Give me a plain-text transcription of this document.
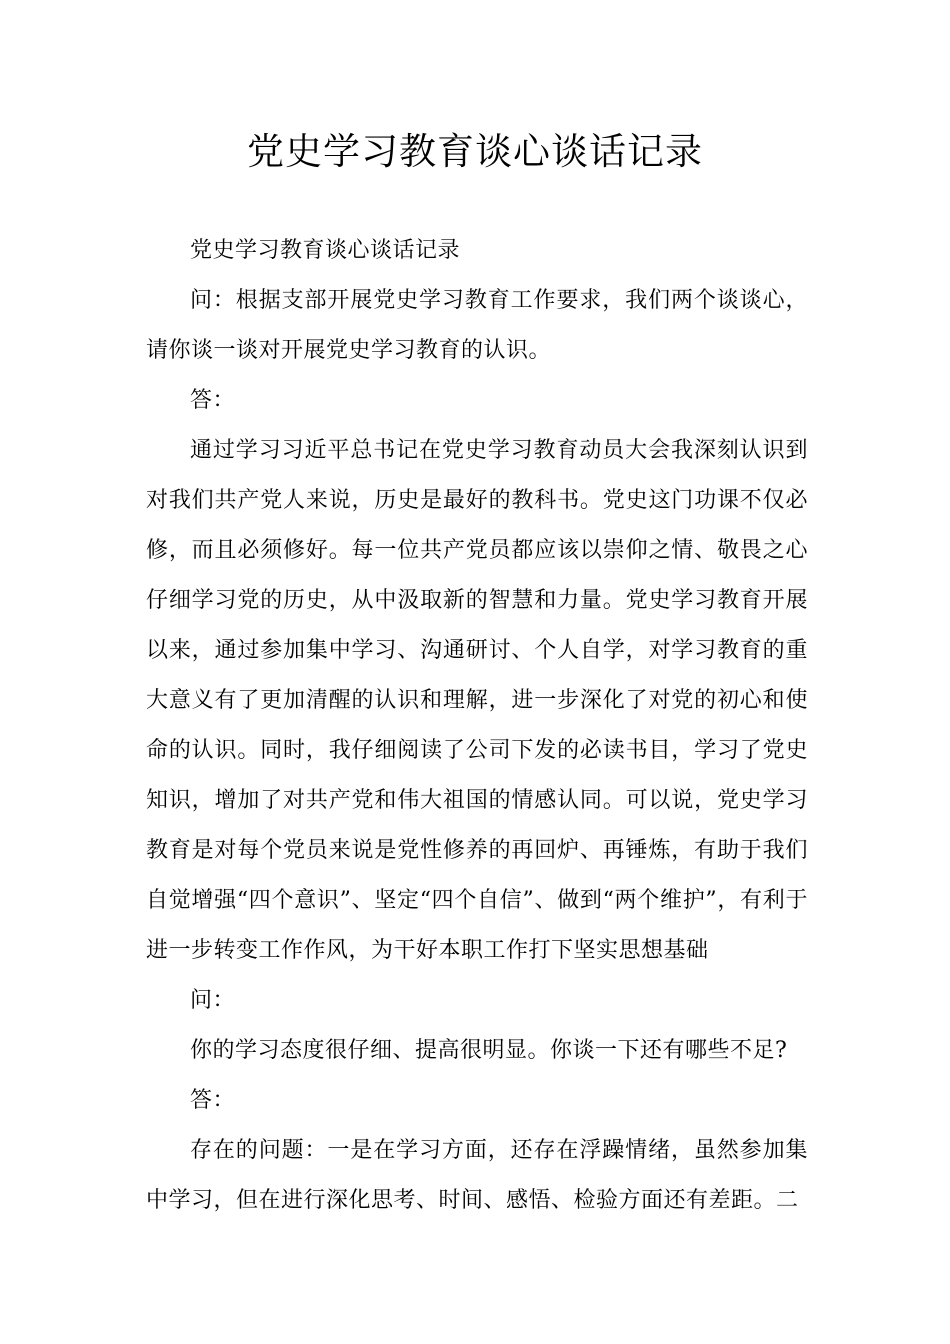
党史学习教育谈心谈话记录

党史学习教育谈心谈话记录

问：根据支部开展党史学习教育工作要求，我们两个谈谈心，请你谈一谈对开展党史学习教育的认识。

答：

通过学习习近平总书记在党史学习教育动员大会我深刻认识到对我们共产党人来说，历史是最好的教科书。党史这门功课不仅必修，而且必须修好。每一位共产党员都应该以崇仰之情、敬畏之心仔细学习党的历史，从中汲取新的智慧和力量。党史学习教育开展以来，通过参加集中学习、沟通研讨、个人自学，对学习教育的重大意义有了更加清醒的认识和理解，进一步深化了对党的初心和使命的认识。同时，我仔细阅读了公司下发的必读书目，学习了党史知识，增加了对共产党和伟大祖国的情感认同。可以说，党史学习教育是对每个党员来说是党性修养的再回炉、再锤炼，有助于我们自觉增强“四个意识”、坚定“四个自信”、做到“两个维护”，有利于进一步转变工作作风，为干好本职工作打下坚实思想基础

问：

你的学习态度很仔细、提高很明显。你谈一下还有哪些不足?

答：

存在的问题：一是在学习方面，还存在浮躁情绪，虽然参加集中学习，但在进行深化思考、时间、感悟、检验方面还有差距。二
